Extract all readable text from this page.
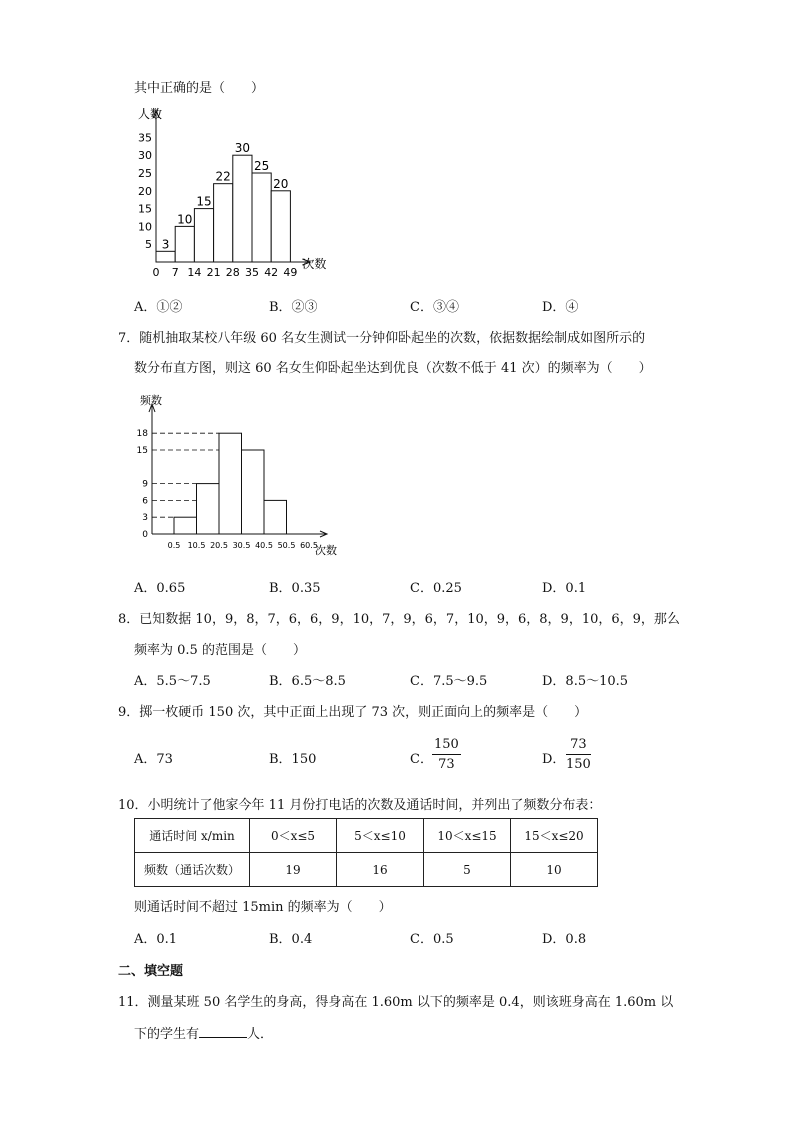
其中正确的是（　　）
人数
次数
5
10
15
20
25
30
35
0 7 14 21 28 35 42 49
3
10
15
22
30
25
20
A．①②	B．②③	C．③④	D．④
7．随机抽取某校八年级 60 名女生测试一分钟仰卧起坐的次数，依据数据绘制成如图所示的
数分布直方图，则这 60 名女生仰卧起坐达到优良（次数不低于 41 次）的频率为（　　）
频数
次数
0
3
6
9
15
18
0.5 10.5 20.5 30.5 40.5 50.5 60.5
A．0.65	B．0.35	C．0.25	D．0.1
8．已知数据 10，9，8，7，6，6，9，10，7，9，6，7，10，9，6，8，9，10，6，9，那么
频率为 0.5 的范围是（　　）
A．5.5～7.5	B．6.5～8.5	C．7.5～9.5	D．8.5～10.5
9．掷一枚硬币 150 次，其中正面上出现了 73 次，则正面向上的频率是（　　）
A．73	B．150	C． $\frac{150}{73}$	D． $\frac{73}{150}$
10．小明统计了他家今年 11 月份打电话的次数及通话时间，并列出了频数分布表：
通话时间 x/min	0＜x≤5	5＜x≤10	10＜x≤15	15＜x≤20
频数（通话次数）	19	16	5	10
则通话时间不超过 15min 的频率为（　　）
A．0.1	B．0.4	C．0.5	D．0.8
二、填空题
11．测量某班 50 名学生的身高，得身高在 1.60m 以下的频率是 0.4，则该班身高在 1.60m 以
下的学生有	人．
